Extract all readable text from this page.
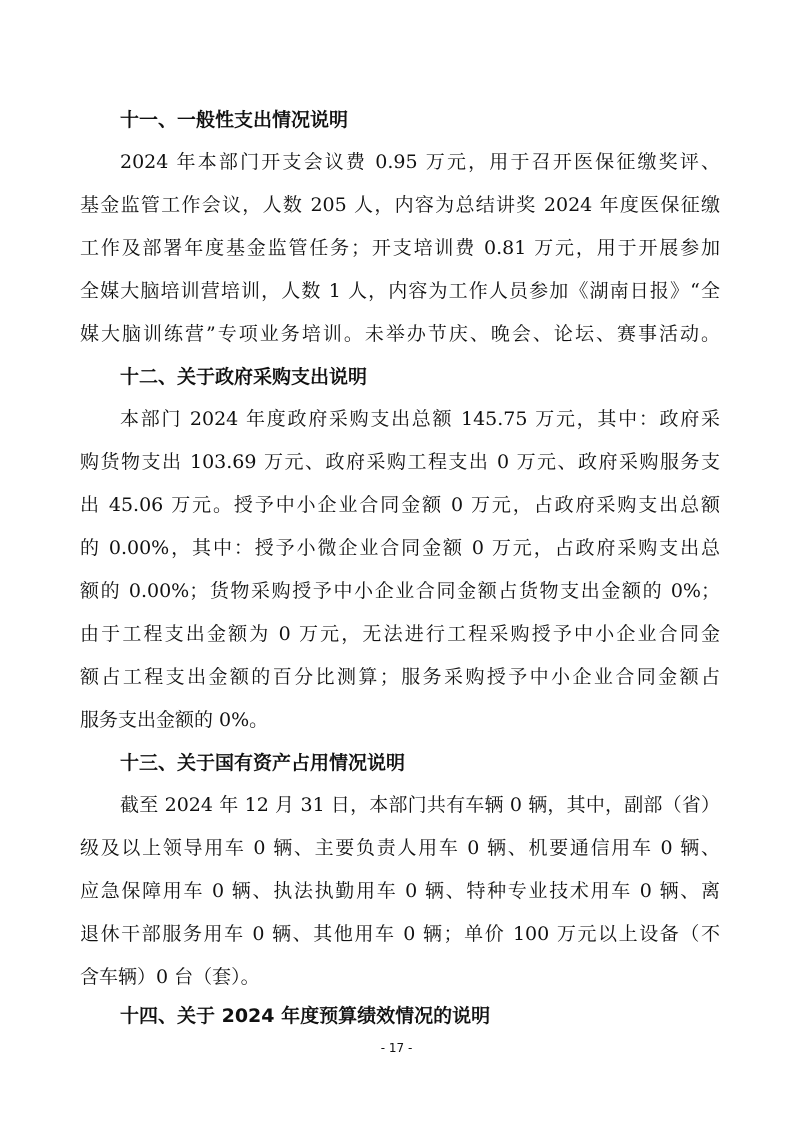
十一、一般性支出情况说明
2024 年本部门开支会议费 0.95 万元，用于召开医保征缴奖评、
基金监管工作会议，人数 205 人，内容为总结讲奖 2024 年度医保征缴
工作及部署年度基金监管任务；开支培训费 0.81 万元，用于开展参加
全媒大脑培训营培训，人数 1 人，内容为工作人员参加《湖南日报》“全
媒大脑训练营”专项业务培训。未举办节庆、晚会、论坛、赛事活动。
十二、关于政府采购支出说明
本部门 2024 年度政府采购支出总额 145.75 万元，其中：政府采
购货物支出 103.69 万元、政府采购工程支出 0 万元、政府采购服务支
出 45.06 万元。授予中小企业合同金额 0 万元，占政府采购支出总额
的 0.00%，其中：授予小微企业合同金额 0 万元，占政府采购支出总
额的 0.00%；货物采购授予中小企业合同金额占货物支出金额的 0%；
由于工程支出金额为 0 万元，无法进行工程采购授予中小企业合同金
额占工程支出金额的百分比测算；服务采购授予中小企业合同金额占
服务支出金额的 0%。
十三、关于国有资产占用情况说明
截至 2024 年 12 月 31 日，本部门共有车辆 0 辆，其中，副部（省）
级及以上领导用车 0 辆、主要负责人用车 0 辆、机要通信用车 0 辆、
应急保障用车 0 辆、执法执勤用车 0 辆、特种专业技术用车 0 辆、离
退休干部服务用车 0 辆、其他用车 0 辆；单价 100 万元以上设备（不
含车辆）0 台（套）。
十四、关于 2024 年度预算绩效情况的说明
- 17 -
